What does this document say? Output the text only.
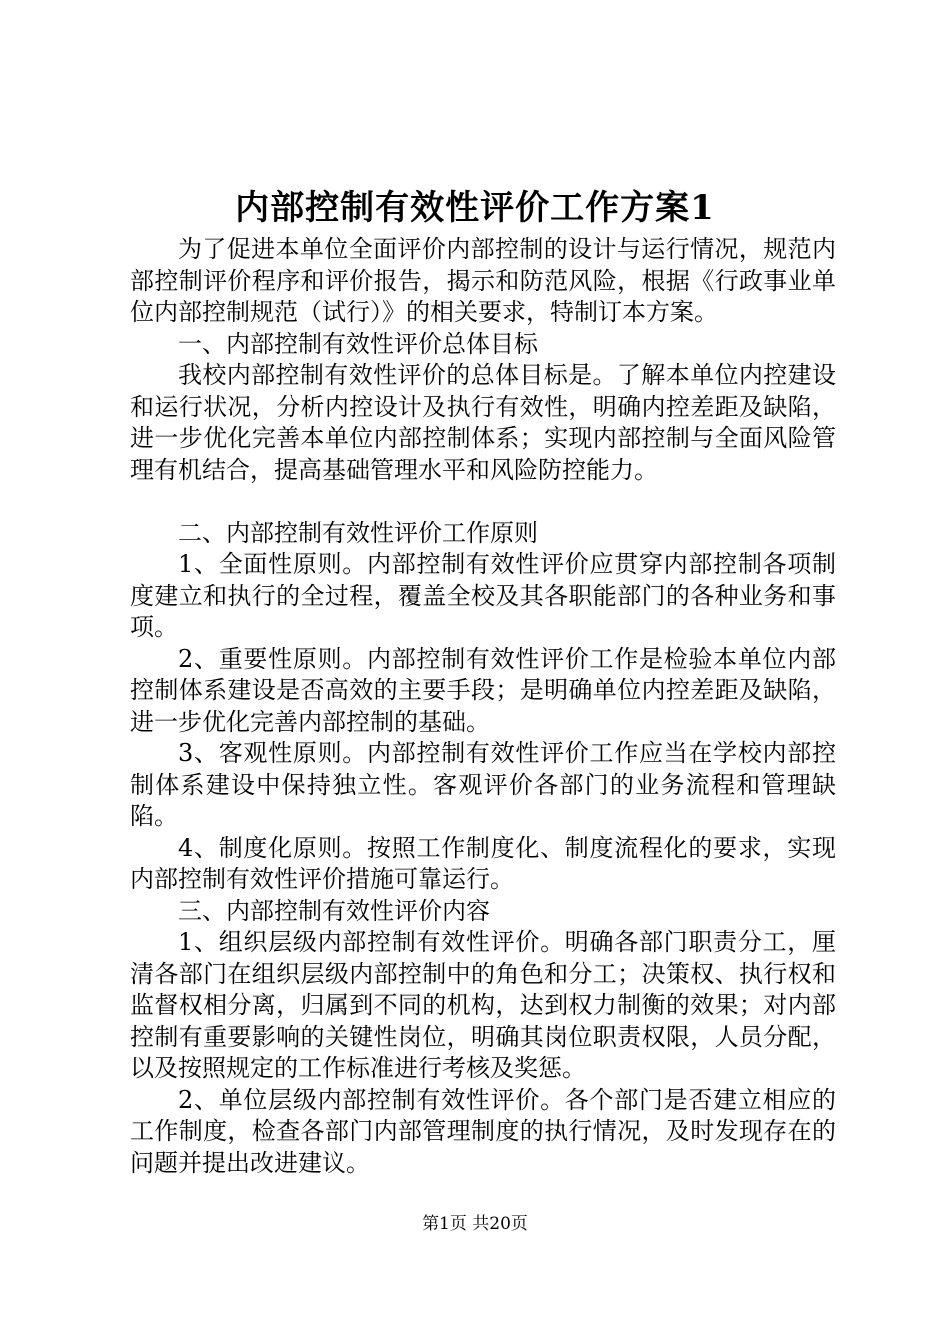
内部控制有效性评价工作方案1

为了促进本单位全面评价内部控制的设计与运行情况，规范内部控制评价程序和评价报告，揭示和防范风险，根据《行政事业单位内部控制规范（试行）》的相关要求，特制订本方案。

一、内部控制有效性评价总体目标

我校内部控制有效性评价的总体目标是。了解本单位内控建设和运行状况，分析内控设计及执行有效性，明确内控差距及缺陷，进一步优化完善本单位内部控制体系；实现内部控制与全面风险管理有机结合，提高基础管理水平和风险防控能力。

二、内部控制有效性评价工作原则

1、全面性原则。内部控制有效性评价应贯穿内部控制各项制度建立和执行的全过程，覆盖全校及其各职能部门的各种业务和事项。

2、重要性原则。内部控制有效性评价工作是检验本单位内部控制体系建设是否高效的主要手段；是明确单位内控差距及缺陷，进一步优化完善内部控制的基础。

3、客观性原则。内部控制有效性评价工作应当在学校内部控制体系建设中保持独立性。客观评价各部门的业务流程和管理缺陷。

4、制度化原则。按照工作制度化、制度流程化的要求，实现内部控制有效性评价措施可靠运行。

三、内部控制有效性评价内容

1、组织层级内部控制有效性评价。明确各部门职责分工，厘清各部门在组织层级内部控制中的角色和分工；决策权、执行权和监督权相分离，归属到不同的机构，达到权力制衡的效果；对内部控制有重要影响的关键性岗位，明确其岗位职责权限，人员分配，以及按照规定的工作标准进行考核及奖惩。

2、单位层级内部控制有效性评价。各个部门是否建立相应的工作制度，检查各部门内部管理制度的执行情况，及时发现存在的问题并提出改进建议。

第1页 共20页
